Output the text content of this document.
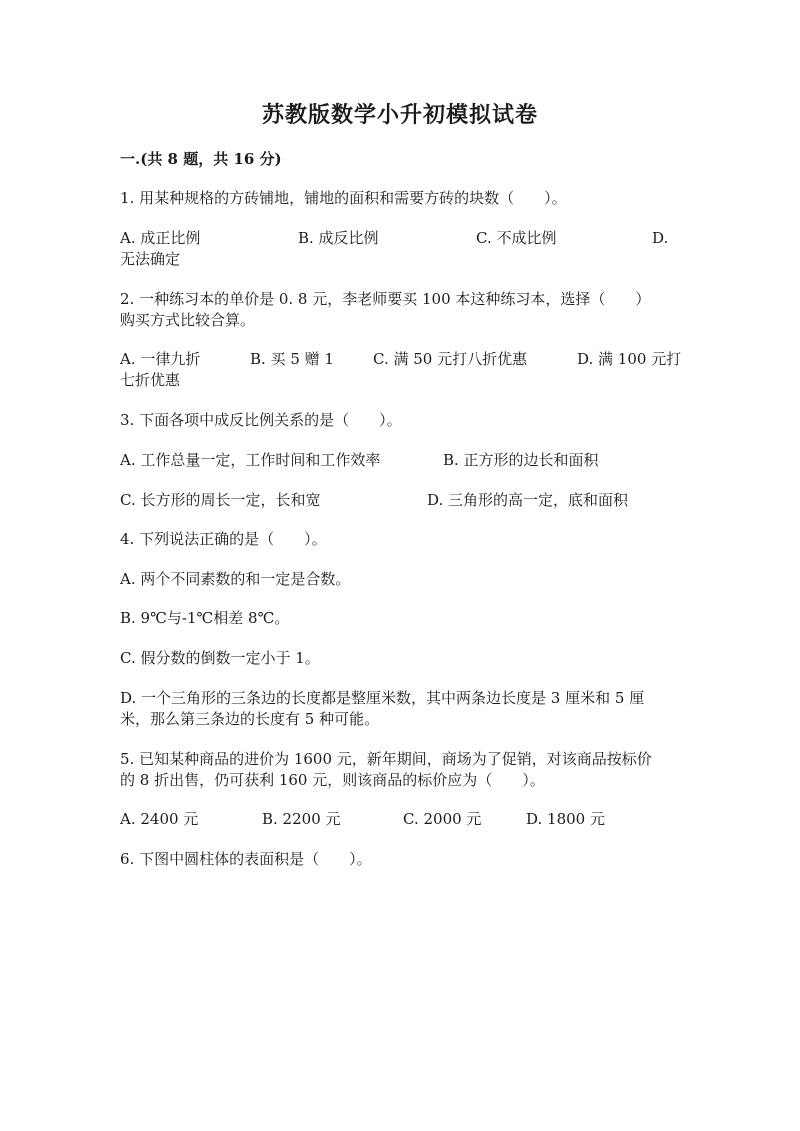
苏教版数学小升初模拟试卷
一.(共 8 题，共 16 分)
1. 用某种规格的方砖铺地，铺地的面积和需要方砖的块数（　　）。
A. 成正比例	B. 成反比例	C. 不成比例	D.
无法确定
2. 一种练习本的单价是 0. 8 元，李老师要买 100 本这种练习本，选择（　　）
购买方式比较合算。
A. 一律九折	B. 买 5 赠 1	C. 满 50 元打八折优惠	D. 满 100 元打
七折优惠
3. 下面各项中成反比例关系的是（　　）。
A. 工作总量一定，工作时间和工作效率	B. 正方形的边长和面积
C. 长方形的周长一定，长和宽	D. 三角形的高一定，底和面积
4. 下列说法正确的是（　　）。
A. 两个不同素数的和一定是合数。
B. 9℃与-1℃相差 8℃。
C. 假分数的倒数一定小于 1。
D. 一个三角形的三条边的长度都是整厘米数，其中两条边长度是 3 厘米和 5 厘
米，那么第三条边的长度有 5 种可能。
5. 已知某种商品的进价为 1600 元，新年期间，商场为了促销，对该商品按标价
的 8 折出售，仍可获利 160 元，则该商品的标价应为（　　）。
A. 2400 元	B. 2200 元	C. 2000 元	D. 1800 元
6. 下图中圆柱体的表面积是（　　）。
